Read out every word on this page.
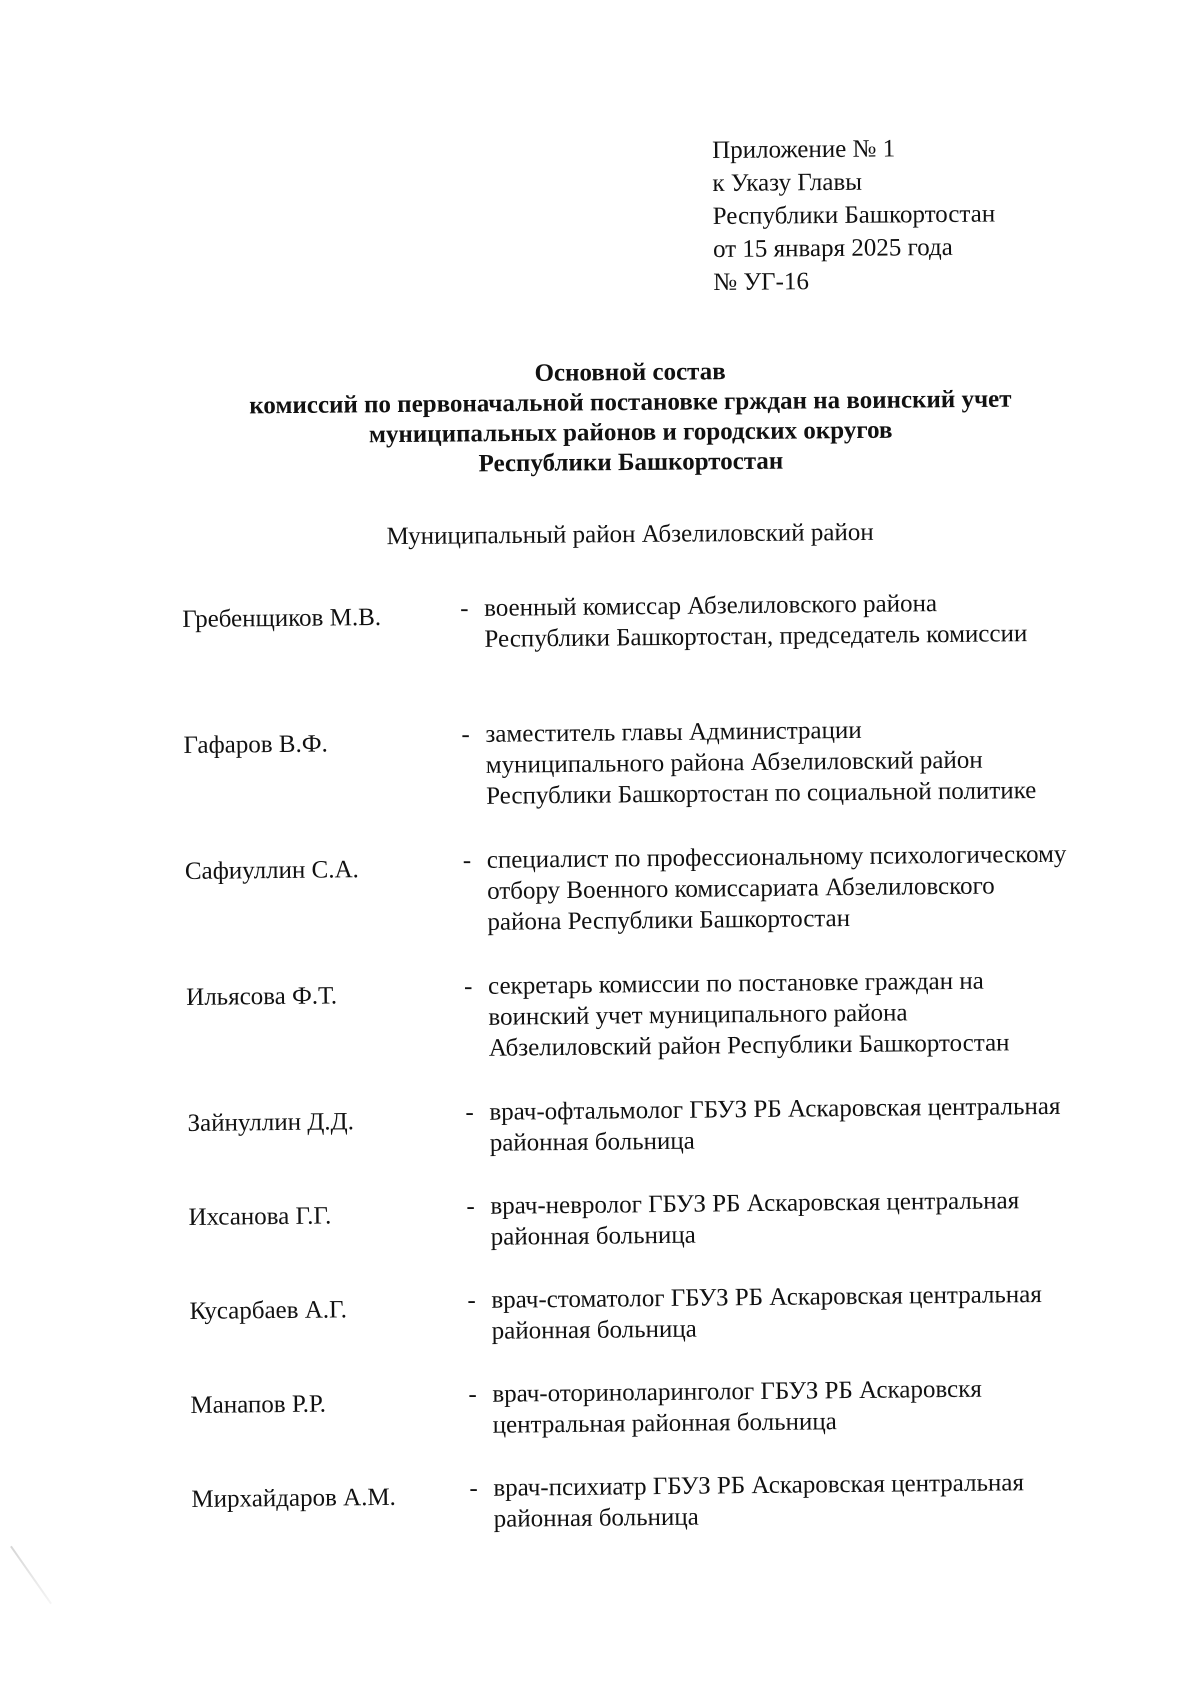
Приложение № 1
к Указу Главы
Республики Башкортостан
от 15 января 2025 года
№ УГ-16
Основной состав
комиссий по первоначальной постановке грждан на воинский учет
муниципальных районов и городских округов
Республики Башкортостан
Муниципальный район Абзелиловский район
Гребенщиков М.В.	- военный комиссар Абзелиловского района
Республики Башкортостан, председатель комиссии
Гафаров В.Ф.	- заместитель главы Администрации
муниципального района Абзелиловский район
Республики Башкортостан по социальной политике
Сафиуллин С.А.	- специалист по профессиональному психологическому
отбору Военного комиссариата Абзелиловского
района Республики Башкортостан
Ильясова Ф.Т.	- секретарь комиссии по постановке граждан на
воинский учет муниципального района
Абзелиловский район Республики Башкортостан
Зайнуллин Д.Д.	- врач-офтальмолог ГБУЗ РБ Аскаровская центральная
районная больница
Ихсанова Г.Г.	- врач-невролог ГБУЗ РБ Аскаровская центральная
районная больница
Кусарбаев А.Г.	- врач-стоматолог ГБУЗ РБ Аскаровская центральная
районная больница
Манапов Р.Р.	- врач-оториноларинголог ГБУЗ РБ Аскаровскя
центральная районная больница
Мирхайдаров А.М.	- врач-психиатр ГБУЗ РБ Аскаровская центральная
районная больница
